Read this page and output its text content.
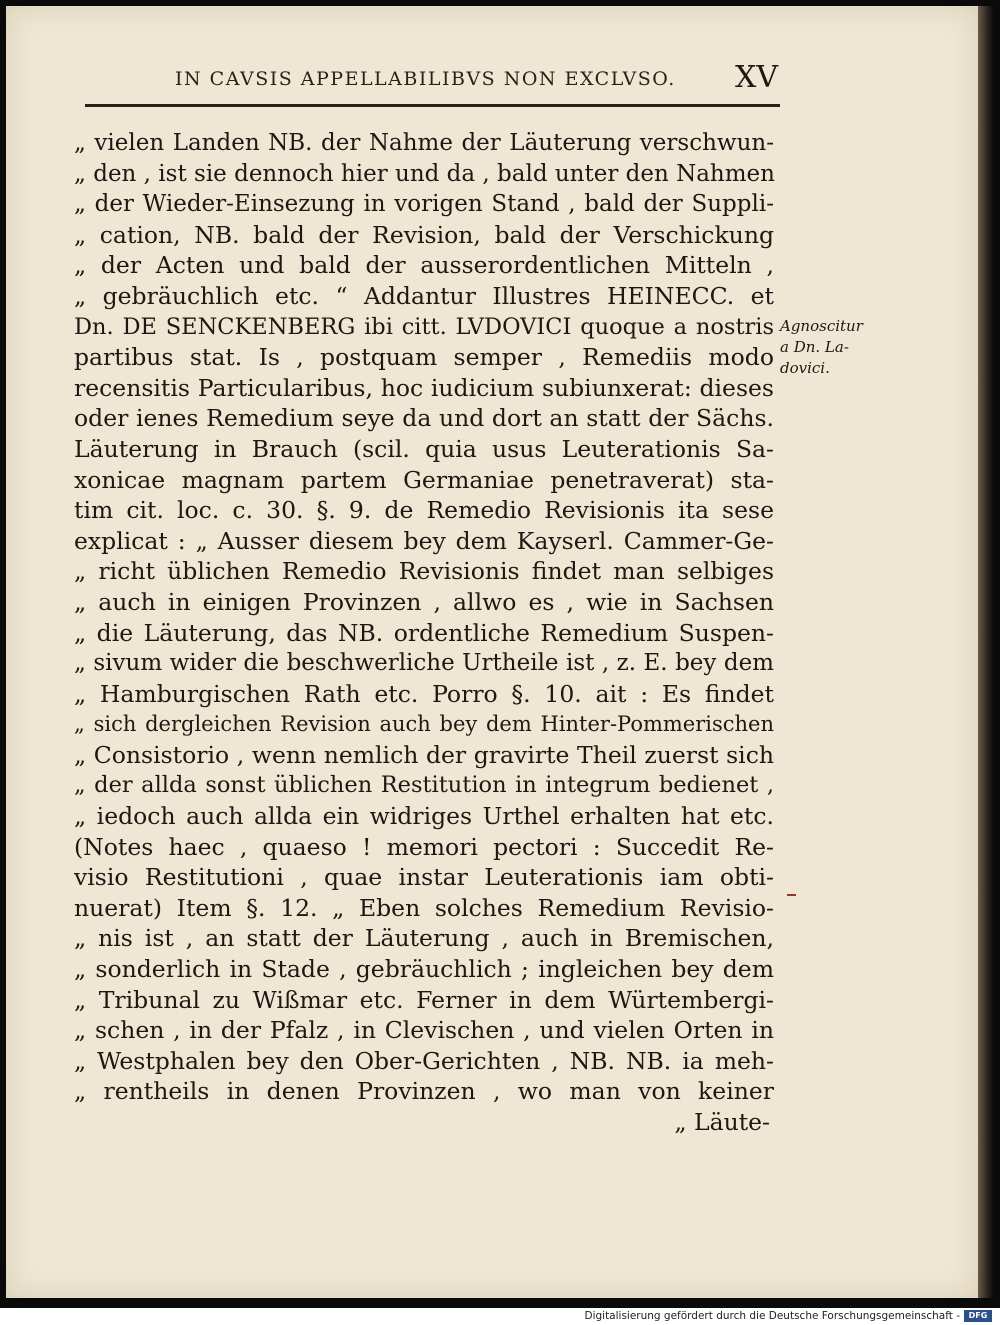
IN CAVSIS APPELLABILIBVS NON EXCLVSO. XV
„ vielen Landen NB. der Nahme der Läuterung verschwun-
„ den , ist sie dennoch hier und da , bald unter den Nahmen
„ der Wieder-Einsezung in vorigen Stand , bald der Suppli-
„ cation, NB. bald der Revision, bald der Verschickung
„ der Acten und bald der ausserordentlichen Mitteln ,
„ gebräuchlich etc. “ Addantur Illustres HEINECC. et
Dn. DE SENCKENBERG ibi citt. LVDOVICI quoque a nostris
partibus stat. Is , postquam semper , Remediis modo
recensitis Particularibus, hoc iudicium subiunxerat: dieses
oder ienes Remedium seye da und dort an statt der Sächs.
Läuterung in Brauch (scil. quia usus Leuterationis Sa-
xonicae magnam partem Germaniae penetraverat) sta-
tim cit. loc. c. 30. §. 9. de Remedio Revisionis ita sese
explicat : „ Ausser diesem bey dem Kayserl. Cammer-Ge-
„ richt üblichen Remedio Revisionis findet man selbiges
„ auch in einigen Provinzen , allwo es , wie in Sachsen
„ die Läuterung, das NB. ordentliche Remedium Suspen-
„ sivum wider die beschwerliche Urtheile ist , z. E. bey dem
„ Hamburgischen Rath etc. Porro §. 10. ait : Es findet
„ sich dergleichen Revision auch bey dem Hinter-Pommerischen
„ Consistorio , wenn nemlich der gravirte Theil zuerst sich
„ der allda sonst üblichen Restitution in integrum bedienet ,
„ iedoch auch allda ein widriges Urthel erhalten hat etc.
(Notes haec , quaeso ! memori pectori : Succedit Re-
visio Restitutioni , quae instar Leuterationis iam obti-
nuerat) Item §. 12. „ Eben solches Remedium Revisio-
„ nis ist , an statt der Läuterung , auch in Bremischen,
„ sonderlich in Stade , gebräuchlich ; ingleichen bey dem
„ Tribunal zu Wißmar etc. Ferner in dem Würtembergi-
„ schen , in der Pfalz , in Clevischen , und vielen Orten in
„ Westphalen bey den Ober-Gerichten , NB. NB. ia meh-
„ rentheils in denen Provinzen , wo man von keiner
„ Läute-
Agnoscitur
a Dn. La-
dovici.
Digitalisierung gefördert durch die Deutsche Forschungsgemeinschaft -	DFG
